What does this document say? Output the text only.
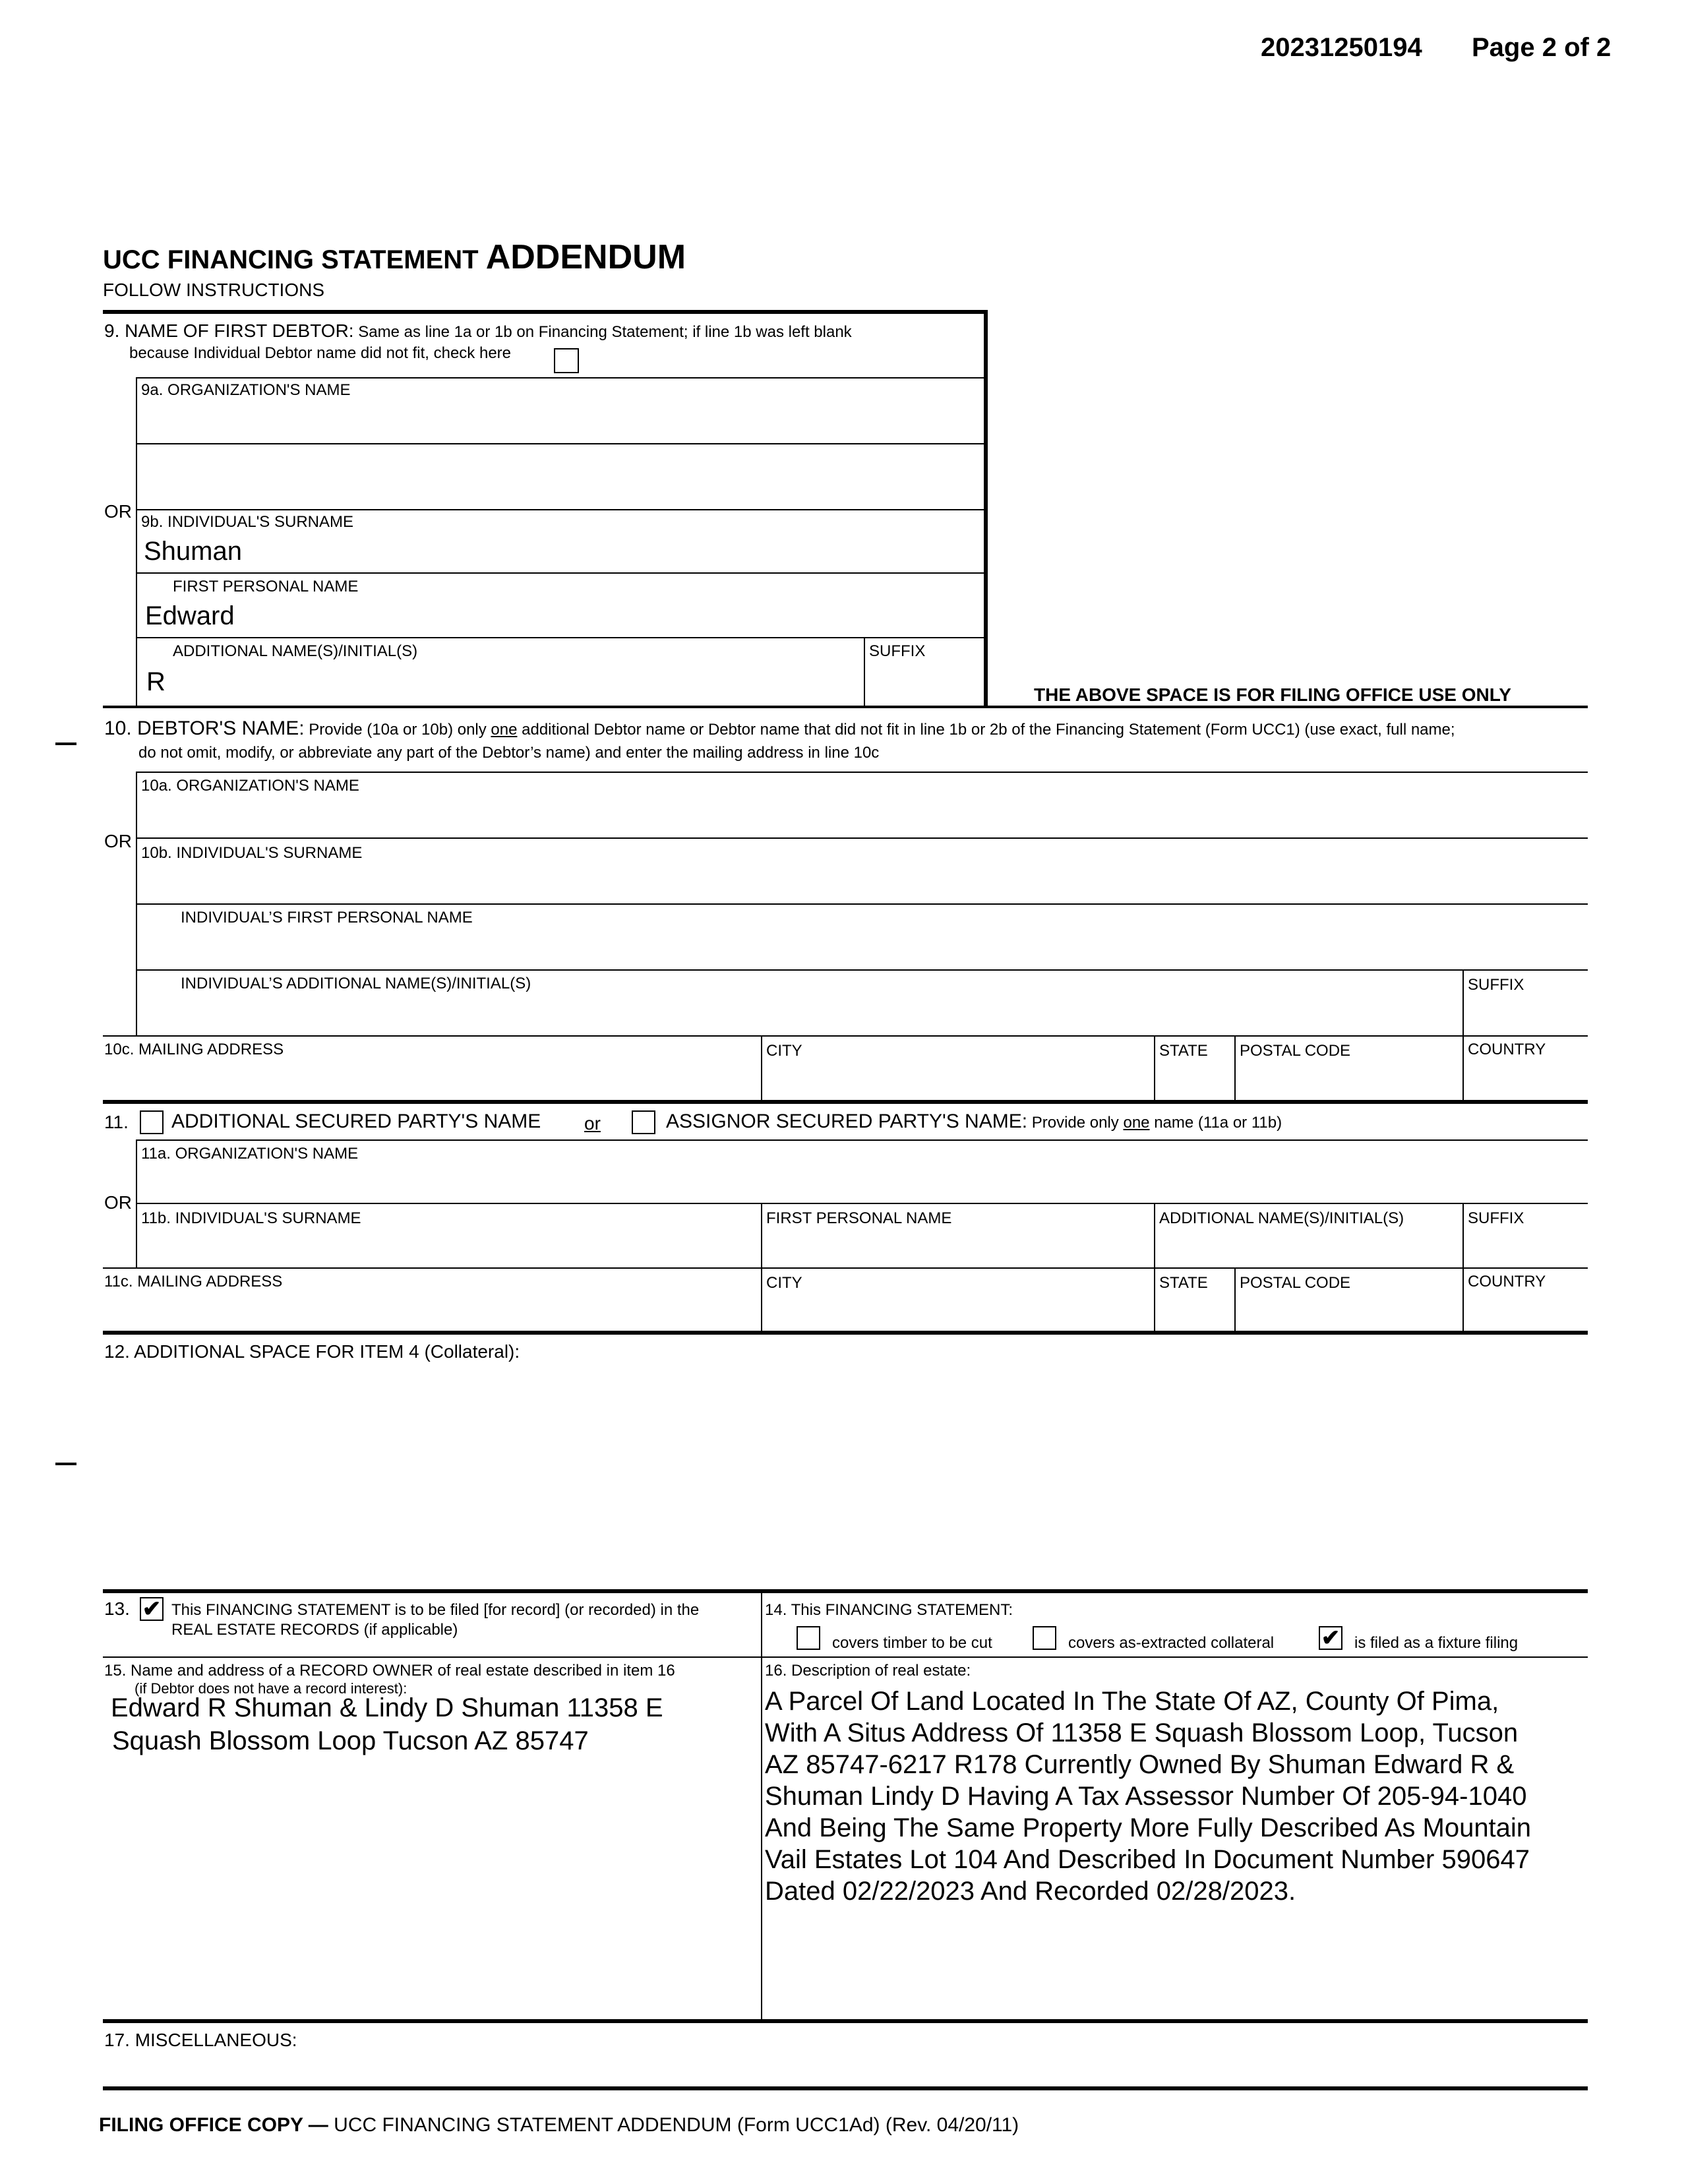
20231250194 Page 2 of 2
UCC FINANCING STATEMENT ADDENDUM
FOLLOW INSTRUCTIONS
9. NAME OF FIRST DEBTOR: Same as line 1a or 1b on Financing Statement; if line 1b was left blank
because Individual Debtor name did not fit, check here
9a. ORGANIZATION'S NAME
OR
9b. INDIVIDUAL'S SURNAME
Shuman
FIRST PERSONAL NAME
Edward
ADDITIONAL NAME(S)/INITIAL(S)
R
SUFFIX
THE ABOVE SPACE IS FOR FILING OFFICE USE ONLY
10. DEBTOR'S NAME: Provide (10a or 10b) only one additional Debtor name or Debtor name that did not fit in line 1b or 2b of the Financing Statement (Form UCC1) (use exact, full name;
do not omit, modify, or abbreviate any part of the Debtor’s name) and enter the mailing address in line 10c
10a. ORGANIZATION'S NAME
OR
10b. INDIVIDUAL'S SURNAME
INDIVIDUAL’S FIRST PERSONAL NAME
INDIVIDUAL’S ADDITIONAL NAME(S)/INITIAL(S)	SUFFIX
10c. MAILING ADDRESS	CITY	STATE POSTAL CODE	COUNTRY
11. ADDITIONAL SECURED PARTY'S NAME or	ASSIGNOR SECURED PARTY'S NAME: Provide only one name (11a or 11b)
11a. ORGANIZATION'S NAME
OR
11b. INDIVIDUAL'S SURNAME	FIRST PERSONAL NAME	ADDITIONAL NAME(S)/INITIAL(S)	SUFFIX
11c. MAILING ADDRESS	CITY	STATE POSTAL CODE	COUNTRY
12. ADDITIONAL SPACE FOR ITEM 4 (Collateral):
13. ✔ This FINANCING STATEMENT is to be filed [for record] (or recorded) in the
REAL ESTATE RECORDS (if applicable)
14. This FINANCING STATEMENT:
covers timber to be cut	covers as-extracted collateral ✔ is filed as a fixture filing
15. Name and address of a RECORD OWNER of real estate described in item 16
(if Debtor does not have a record interest):
Edward R Shuman & Lindy D Shuman 11358 E
Squash Blossom Loop Tucson AZ 85747
16. Description of real estate:
A Parcel Of Land Located In The State Of AZ, County Of Pima,
With A Situs Address Of 11358 E Squash Blossom Loop, Tucson
AZ 85747-6217 R178 Currently Owned By Shuman Edward R &
Shuman Lindy D Having A Tax Assessor Number Of 205-94-1040
And Being The Same Property More Fully Described As Mountain
Vail Estates Lot 104 And Described In Document Number 590647
Dated 02/22/2023 And Recorded 02/28/2023.
17. MISCELLANEOUS:
FILING OFFICE COPY — UCC FINANCING STATEMENT ADDENDUM (Form UCC1Ad) (Rev. 04/20/11)
